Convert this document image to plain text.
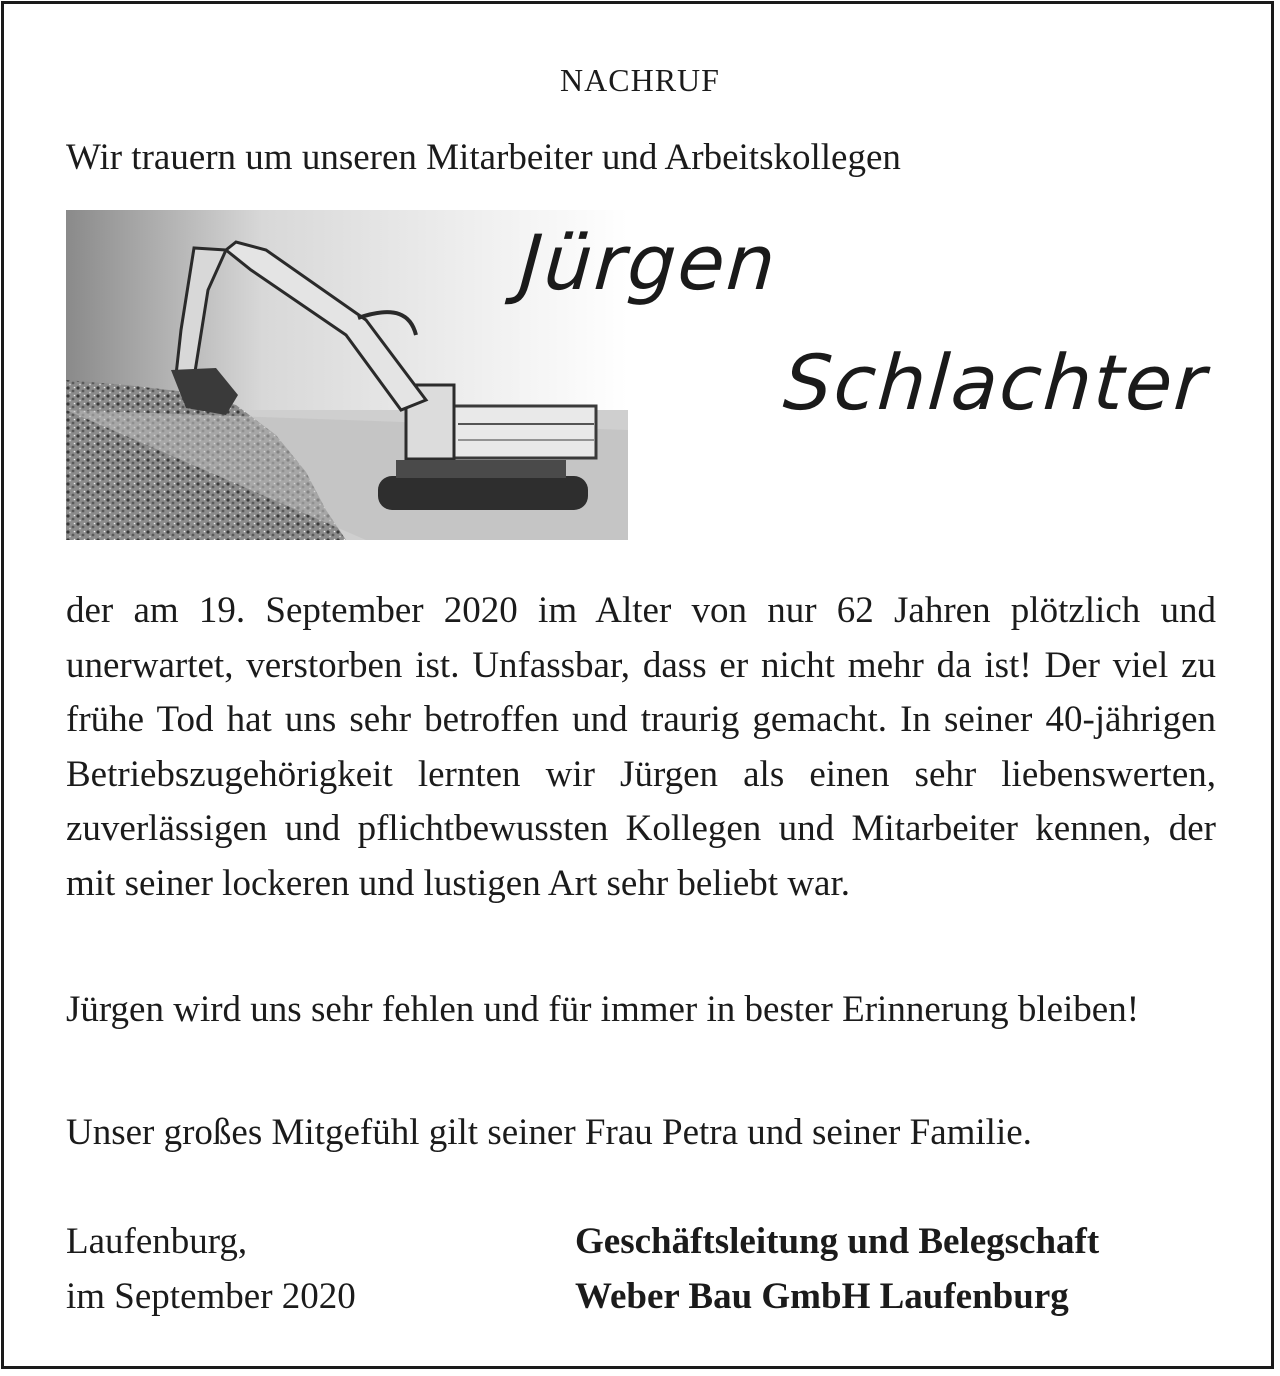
NACHRUF
Wir trauern um unseren Mitarbeiter und Arbeitskollegen
Jürgen
Schlachter
der am 19. September 2020 im Alter von nur 62 Jahren plötzlich und unerwartet, verstorben ist. Unfassbar, dass er nicht mehr da ist! Der viel zu frühe Tod hat uns sehr betroffen und traurig gemacht. In seiner 40-jährigen Betriebszugehörigkeit lernten wir Jürgen als einen sehr liebenswerten, zuverlässigen und pflichtbewussten Kollegen und Mitarbeiter kennen, der mit seiner lockeren und lustigen Art sehr beliebt war.
Jürgen wird uns sehr fehlen und für immer in bester Erinnerung bleiben!
Unser großes Mitgefühl gilt seiner Frau Petra und seiner Familie.
Laufenburg,
im September 2020
Geschäftsleitung und Belegschaft
Weber Bau GmbH Laufenburg
